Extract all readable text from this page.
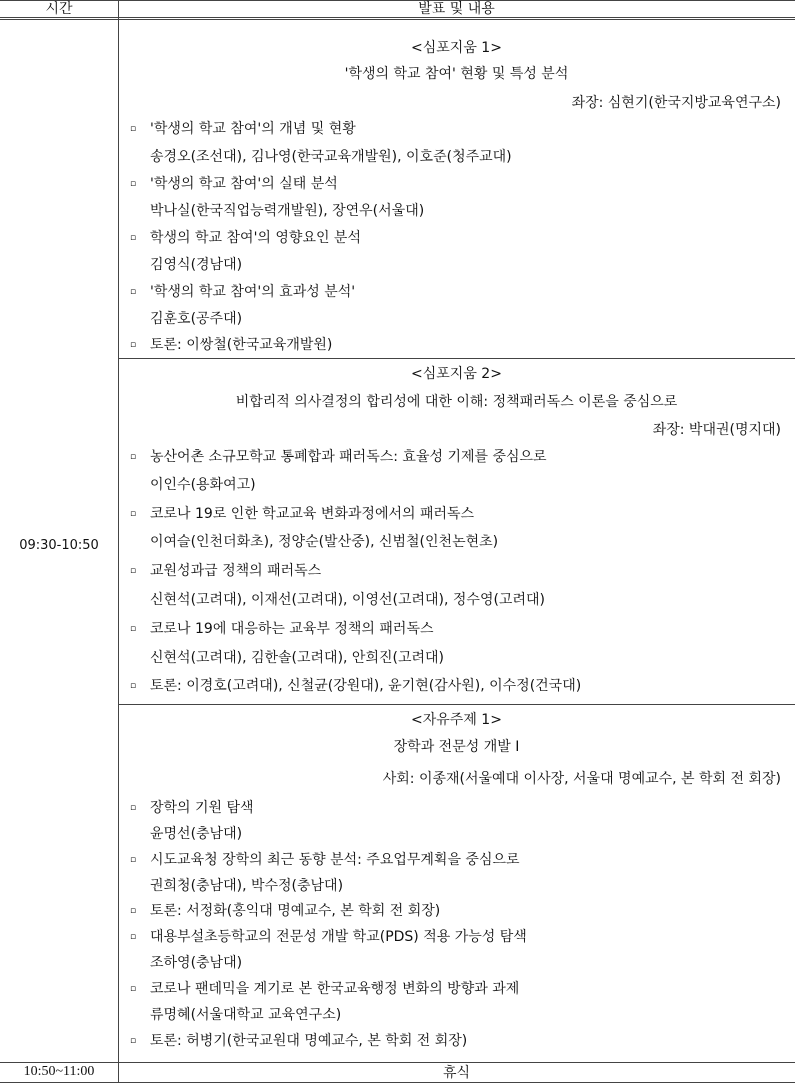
시간	발표 및 내용
09:30-10:50
10:50~11:00	휴식
<심포지움 1>
'학생의 학교 참여' 현황 및 특성 분석
좌장: 심현기(한국지방교육연구소)
▫ '학생의 학교 참여'의 개념 및 현황
송경오(조선대), 김나영(한국교육개발원), 이호준(청주교대)
▫ '학생의 학교 참여'의 실태 분석
박나실(한국직업능력개발원), 장연우(서울대)
▫ 학생의 학교 참여'의 영향요인 분석
김영식(경남대)
▫ '학생의 학교 참여'의 효과성 분석'
김훈호(공주대)
▫ 토론: 이쌍철(한국교육개발원)
<심포지움 2>
비합리적 의사결정의 합리성에 대한 이해: 정책패러독스 이론을 중심으로
좌장: 박대권(명지대)
▫ 농산어촌 소규모학교 통폐합과 패러독스: 효율성 기제를 중심으로
이인수(용화여고)
▫ 코로나 19로 인한 학교교육 변화과정에서의 패러독스
이여슬(인천더화초), 정양순(발산중), 신범철(인천논현초)
▫ 교원성과급 정책의 패러독스
신현석(고려대), 이재선(고려대), 이영선(고려대), 정수영(고려대)
▫ 코로나 19에 대응하는 교육부 정책의 패러독스
신현석(고려대), 김한솔(고려대), 안희진(고려대)
▫ 토론: 이경호(고려대), 신철균(강원대), 윤기현(감사원), 이수정(건국대)
<자유주제 1>
장학과 전문성 개발 I
사회: 이종재(서울예대 이사장, 서울대 명예교수, 본 학회 전 회장)
▫ 장학의 기원 탐색
윤명선(충남대)
▫ 시도교육청 장학의 최근 동향 분석: 주요업무계획을 중심으로
권희청(충남대), 박수정(충남대)
▫ 토론: 서정화(홍익대 명예교수, 본 학회 전 회장)
▫ 대용부설초등학교의 전문성 개발 학교(PDS) 적용 가능성 탐색
조하영(충남대)
▫ 코로나 팬데믹을 계기로 본 한국교육행정 변화의 방향과 과제
류명혜(서울대학교 교육연구소)
▫ 토론: 허병기(한국교원대 명예교수, 본 학회 전 회장)
